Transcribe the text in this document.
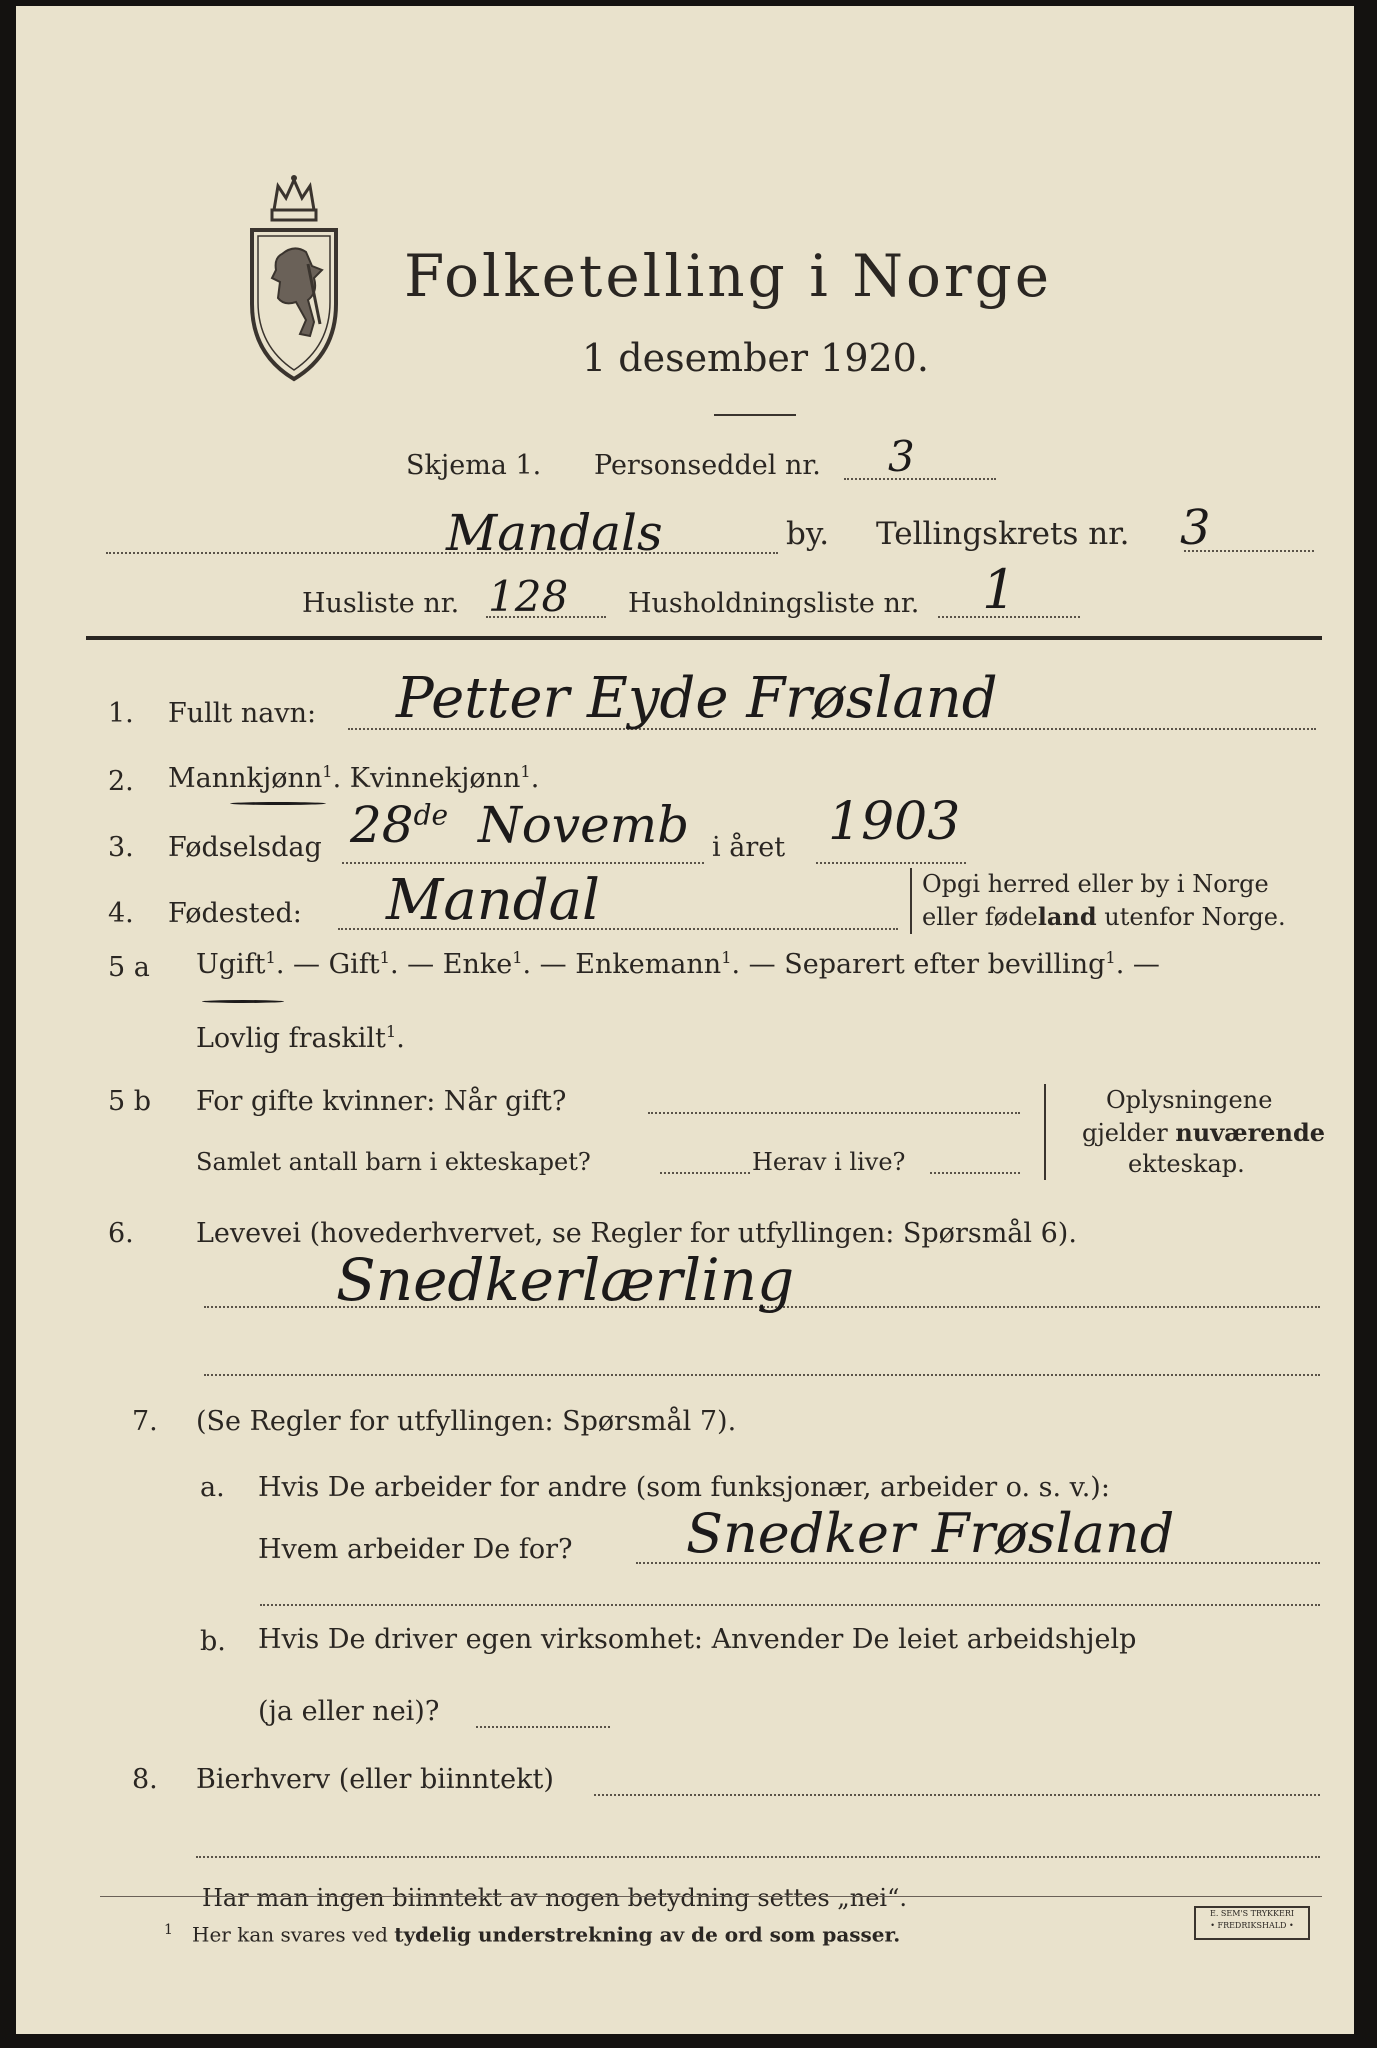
Folketelling i Norge
1 desember 1920.
Skjema 1. Personseddel nr. 3
Mandals	by. Tellingskrets nr. 3
Husliste nr. 128 Husholdningsliste nr. 1
1. Fullt navn: Petter Eyde Frøsland
2. Mannkjønn$^1$. Kvinnekjønn$^1$.
3. Fødselsdag 28de Novemb i året 1903
4. Fødested: Mandal	Opgi herred eller by i Norge
eller fødeland utenfor Norge.
5 a Ugift$^1$. — Gift$^1$. — Enke$^1$. — Enkemann$^1$. — Separert efter bevilling$^1$. —
Lovlig fraskilt$^1$.
5 b For gifte kvinner: Når gift?
Samlet antall barn i ekteskapet?	Herav i live?
Oplysningene
gjelder nuværende
ekteskap.
6. Levevei (hovederhvervet, se Regler for utfyllingen: Spørsmål 6).
Snedkerlærling
7. (Se Regler for utfyllingen: Spørsmål 7).
a. Hvis De arbeider for andre (som funksjonær, arbeider o. s. v.):
Hvem arbeider De for? Snedker Frøsland
b. Hvis De driver egen virksomhet: Anvender De leiet arbeidshjelp
(ja eller nei)?
8. Bierhverv (eller biinntekt)
Har man ingen biinntekt av nogen betydning settes „nei“.
$^1$ Her kan svares ved tydelig understrekning av de ord som passer.
E. SEM'S TRYKKERI
• FREDRIKSHALD •
